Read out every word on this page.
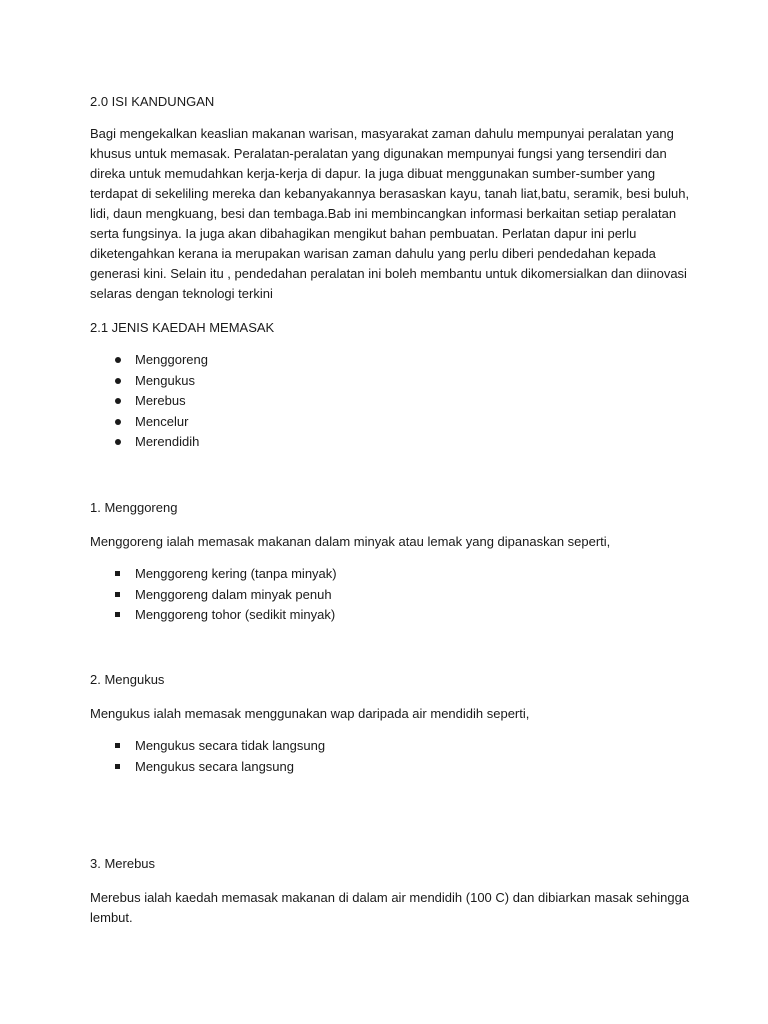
2.0 ISI KANDUNGAN

Bagi mengekalkan keaslian makanan warisan, masyarakat zaman dahulu mempunyai peralatan yang
khusus untuk memasak. Peralatan-peralatan yang digunakan mempunyai fungsi yang tersendiri dan
direka untuk memudahkan kerja-kerja di dapur. Ia juga dibuat menggunakan sumber-sumber yang
terdapat di sekeliling mereka dan kebanyakannya berasaskan kayu, tanah liat,batu, seramik, besi buluh,
lidi, daun mengkuang, besi dan tembaga.Bab ini membincangkan informasi berkaitan setiap peralatan
serta fungsinya. Ia juga akan dibahagikan mengikut bahan pembuatan. Perlatan dapur ini perlu
diketengahkan kerana ia merupakan warisan zaman dahulu yang perlu diberi pendedahan kepada
generasi kini. Selain itu , pendedahan peralatan ini boleh membantu untuk dikomersialkan dan diinovasi
selaras dengan teknologi terkini

2.1 JENIS KAEDAH MEMASAK

Menggoreng
Mengukus
Merebus
Mencelur
Merendidih

1. Menggoreng

Menggoreng ialah memasak makanan dalam minyak atau lemak yang dipanaskan seperti,

Menggoreng kering (tanpa minyak)
Menggoreng dalam minyak penuh
Menggoreng tohor (sedikit minyak)

2. Mengukus

Mengukus ialah memasak menggunakan wap daripada air mendidih seperti,

Mengukus secara tidak langsung
Mengukus secara langsung

3. Merebus

Merebus ialah kaedah memasak makanan di dalam air mendidih (100 C) dan dibiarkan masak sehingga
lembut.
